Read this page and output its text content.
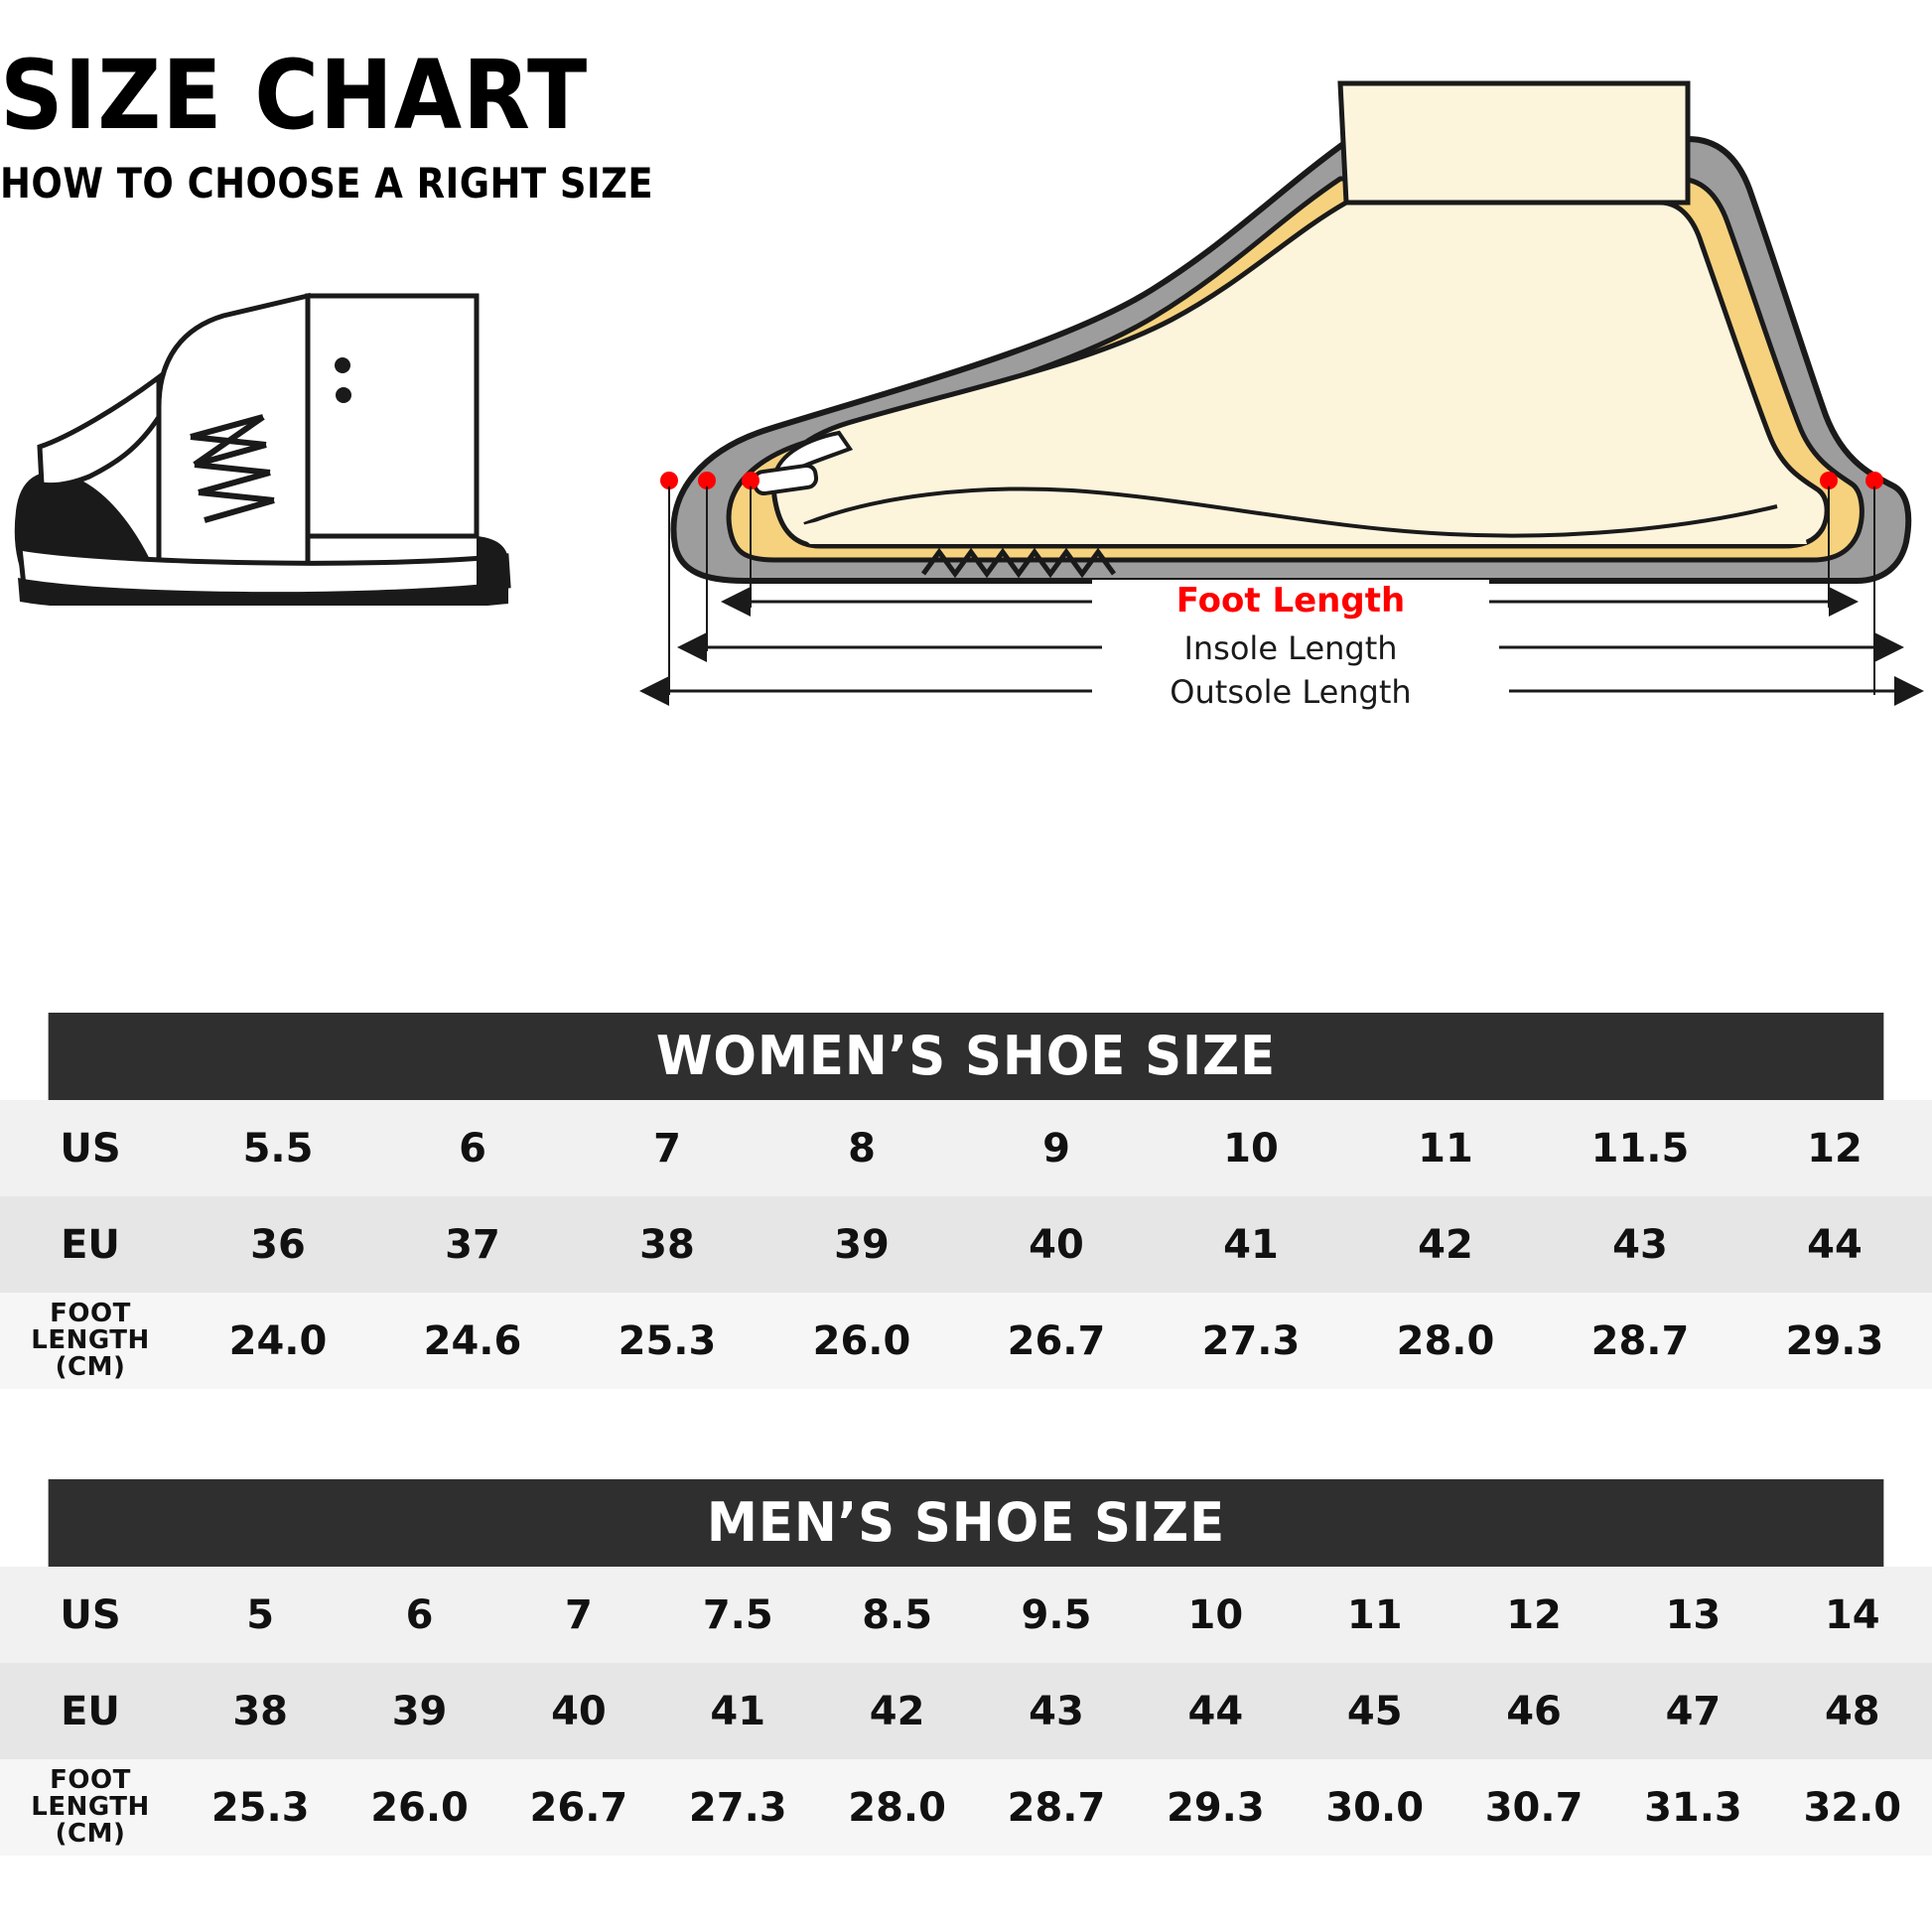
SIZE CHART
HOW TO CHOOSE A RIGHT SIZE
Foot Length
Insole Length
Outsole Length
WOMEN’S SHOE SIZE
US	5.5	6	7	8	9	10	11	11.5	12
EU	36	37	38	39	40	41	42	43	44

FOOT
LENGTH (CM)	24.0	24.6	25.3	26.0	26.7	27.3	28.0	28.7	29.3
MEN’S SHOE SIZE
US	5	6	7	7.5	8.5	9.5	10	11	12	13	14
EU	38	39	40	41	42	43	44	45	46	47	48

FOOT
LENGTH (CM)	25.3	26.0	26.7	27.3	28.0	28.7	29.3	30.0	30.7	31.3	32.0
